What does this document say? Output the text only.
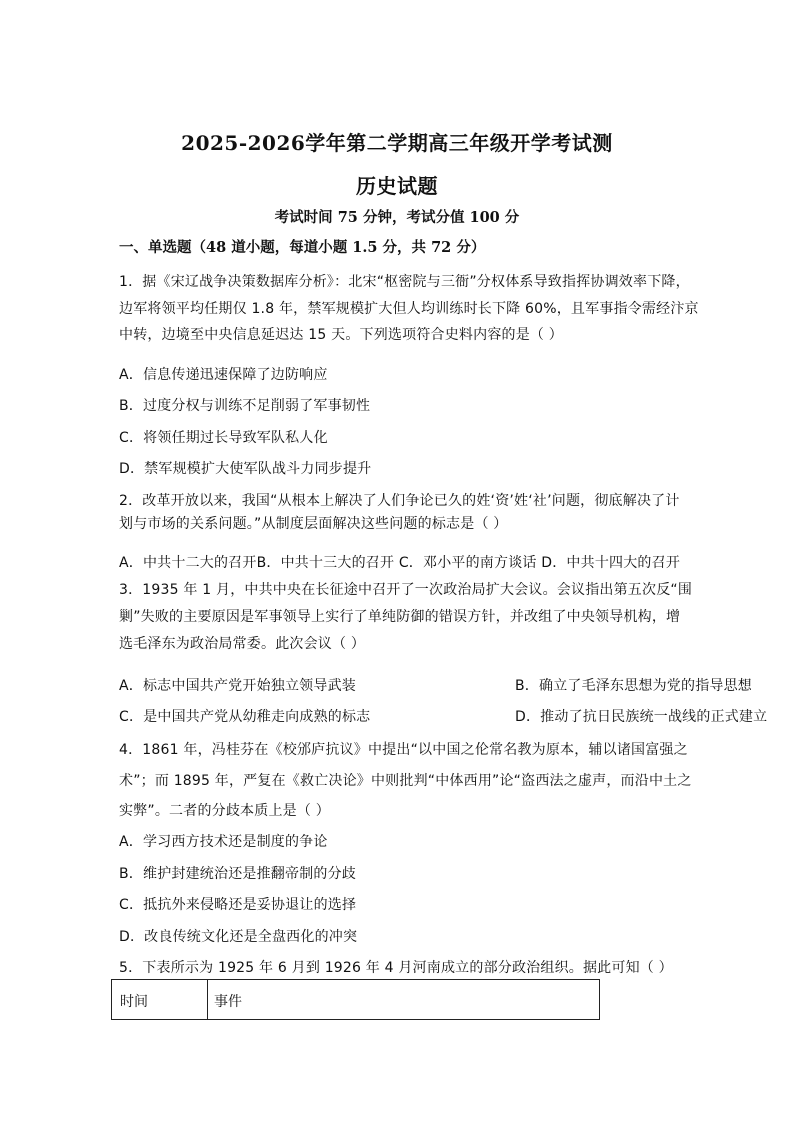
2025-2026学年第二学期高三年级开学考试测
历史试题
考试时间 75 分钟，考试分值 100 分
一、单选题（48 道小题，每道小题 1.5 分，共 72 分）
1．据《宋辽战争决策数据库分析》：北宋“枢密院与三衙”分权体系导致指挥协调效率下降，
边军将领平均任期仅 1.8 年，禁军规模扩大但人均训练时长下降 60%，且军事指令需经汴京
中转，边境至中央信息延迟达 15 天。下列选项符合史料内容的是（ ）
A．信息传递迅速保障了边防响应
B．过度分权与训练不足削弱了军事韧性
C．将领任期过长导致军队私人化
D．禁军规模扩大使军队战斗力同步提升
2．改革开放以来，我国“从根本上解决了人们争论已久的姓‘资’姓‘社’问题，彻底解决了计
划与市场的关系问题。”从制度层面解决这些问题的标志是（ ）
A．中共十二大的召开B．中共十三大的召开 C．邓小平的南方谈话 D．中共十四大的召开
3．1935 年 1 月，中共中央在长征途中召开了一次政治局扩大会议。会议指出第五次反“围
剿”失败的主要原因是军事领导上实行了单纯防御的错误方针，并改组了中央领导机构，增
选毛泽东为政治局常委。此次会议（ ）
A．标志中国共产党开始独立领导武装	B．确立了毛泽东思想为党的指导思想
C．是中国共产党从幼稚走向成熟的标志	D．推动了抗日民族统一战线的正式建立
4．1861 年，冯桂芬在《校邠庐抗议》中提出“以中国之伦常名教为原本，辅以诸国富强之
术”；而 1895 年，严复在《救亡决论》中则批判“中体西用”论“盗西法之虚声，而沿中土之
实弊”。二者的分歧本质上是（ ）
A．学习西方技术还是制度的争论
B．维护封建统治还是推翻帝制的分歧
C．抵抗外来侵略还是妥协退让的选择
D．改良传统文化还是全盘西化的冲突
5．下表所示为 1925 年 6 月到 1926 年 4 月河南成立的部分政治组织。据此可知（ ）
时间	事件
